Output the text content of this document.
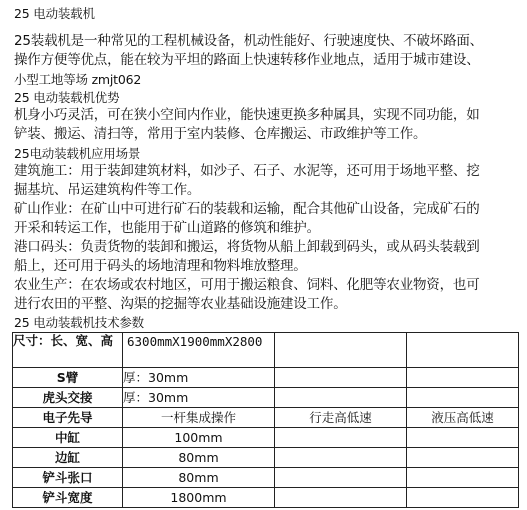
25 电动装载机
25装载机是一种常见的工程机械设备，机动性能好、行驶速度快、不破坏路面、
操作方便等优点，能在较为平坦的路面上快速转移作业地点，适用于城市建设、
小型工地等场 zmjt062
25 电动装载机优势
机身小巧灵活，可在狭小空间内作业，能快速更换多种属具，实现不同功能，如
铲装、搬运、清扫等，常用于室内装修、仓库搬运、市政维护等工作。
25电动装载机应用场景
建筑施工：用于装卸建筑材料，如沙子、石子、水泥等，还可用于场地平整、挖
掘基坑、吊运建筑构件等工作。
矿山作业：在矿山中可进行矿石的装载和运输，配合其他矿山设备，完成矿石的
开采和转运工作，也能用于矿山道路的修筑和维护。
港口码头：负责货物的装卸和搬运，将货物从船上卸载到码头，或从码头装载到
船上，还可用于码头的场地清理和物料堆放整理。
农业生产：在农场或农村地区，可用于搬运粮食、饲料、化肥等农业物资，也可
进行农田的平整、沟渠的挖掘等农业基础设施建设工作。
25 电动装载机技术参数
尺寸：长、宽、高	6300mmX1900mmX2800		
S臂	厚：30mm		
虎头交接	厚：30mm		
电子先导	一杆集成操作	行走高低速	液压高低速
中缸	100mm		
边缸	80mm		
铲斗张口	80mm		
铲斗宽度	1800mm		
